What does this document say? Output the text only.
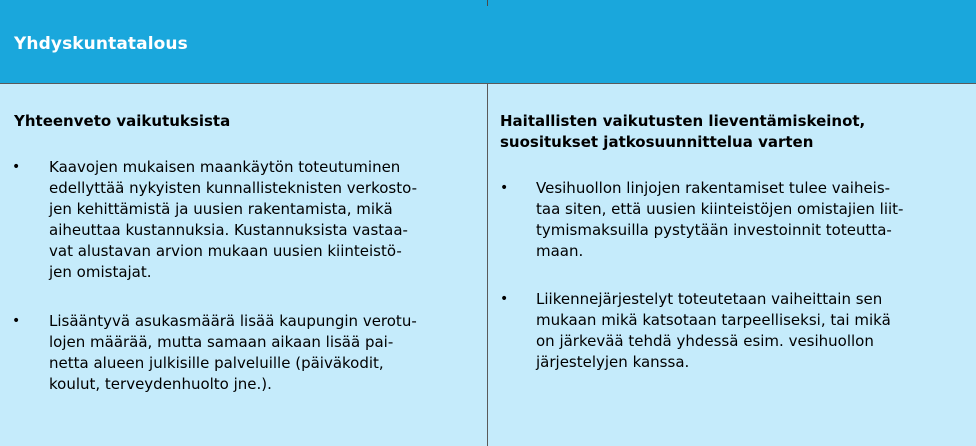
Yhdyskuntatalous
Yhteenveto vaikutuksista
•	Kaavojen mukaisen maankäytön toteutuminen
edellyttää nykyisten kunnallisteknisten verkosto-
jen kehittämistä ja uusien rakentamista, mikä
aiheuttaa kustannuksia. Kustannuksista vastaa-
vat alustavan arvion mukaan uusien kiinteistö-
jen omistajat.
•	Lisääntyvä asukasmäärä lisää kaupungin verotu-
lojen määrää, mutta samaan aikaan lisää pai-
netta alueen julkisille palveluille (päiväkodit,
koulut, terveydenhuolto jne.).
Haitallisten vaikutusten lieventämiskeinot,
suositukset jatkosuunnittelua varten
•	Vesihuollon linjojen rakentamiset tulee vaiheis-
taa siten, että uusien kiinteistöjen omistajien liit-
tymismaksuilla pystytään investoinnit toteutta-
maan.
•	Liikennejärjestelyt toteutetaan vaiheittain sen
mukaan mikä katsotaan tarpeelliseksi, tai mikä
on järkevää tehdä yhdessä esim. vesihuollon
järjestelyjen kanssa.
